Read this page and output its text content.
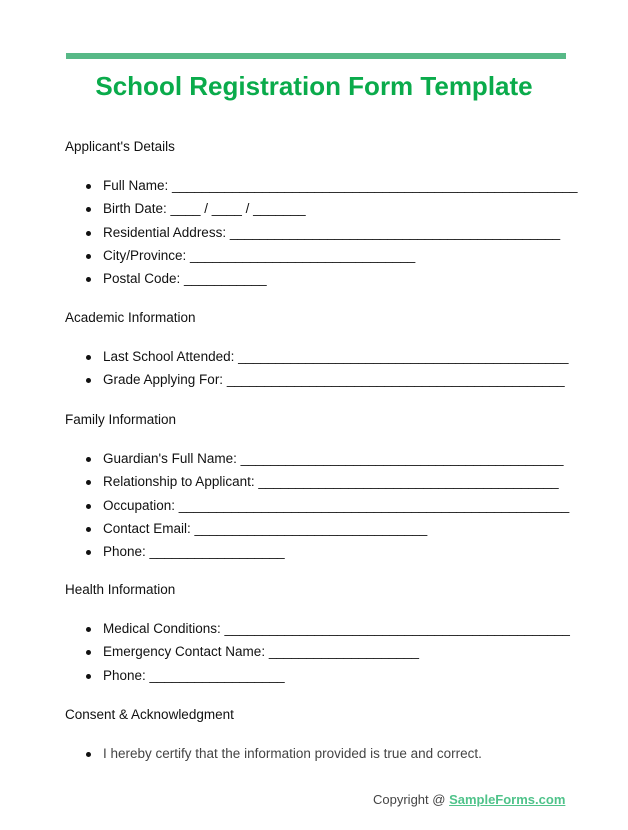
School Registration Form Template
Applicant's Details
Full Name: ______________________________________________________
Birth Date: ____ / ____ / _______
Residential Address: ____________________________________________
City/Province: ______________________________
Postal Code: ___________
Academic Information
Last School Attended: ____________________________________________
Grade Applying For: _____________________________________________
Family Information
Guardian's Full Name: ___________________________________________
Relationship to Applicant: ________________________________________
Occupation: ____________________________________________________
Contact Email: _______________________________
Phone: __________________
Health Information
Medical Conditions: ______________________________________________
Emergency Contact Name: ____________________
Phone: __________________
Consent & Acknowledgment
I hereby certify that the information provided is true and correct.
Copyright @ SampleForms.com
